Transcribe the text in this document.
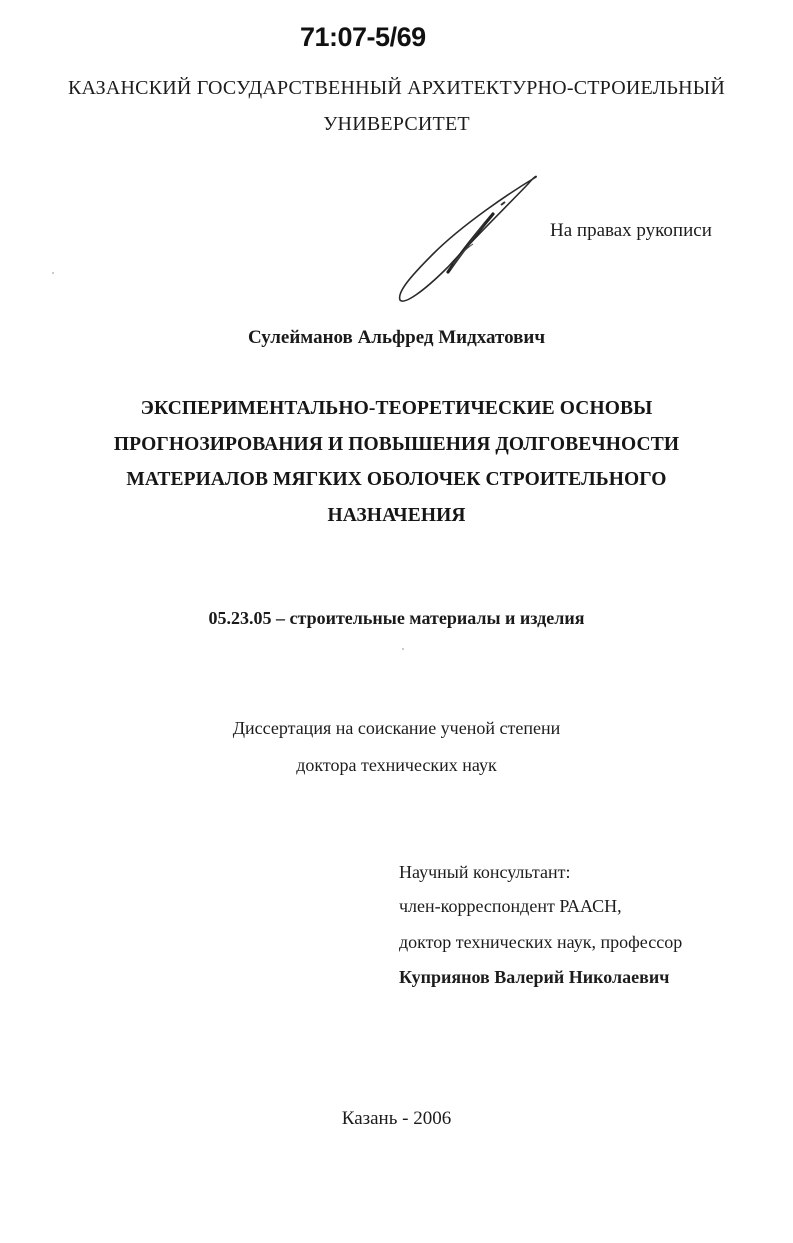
71:07-5/69
КАЗАНСКИЙ ГОСУДАРСТВЕННЫЙ АРХИТЕКТУРНО-СТРОИЕЛЬНЫЙ
УНИВЕРСИТЕТ
На правах рукописи
Сулейманов Альфред Мидхатович
ЭКСПЕРИМЕНТАЛЬНО-ТЕОРЕТИЧЕСКИЕ ОСНОВЫ
ПРОГНОЗИРОВАНИЯ И ПОВЫШЕНИЯ ДОЛГОВЕЧНОСТИ
МАТЕРИАЛОВ МЯГКИХ ОБОЛОЧЕК СТРОИТЕЛЬНОГО
НАЗНАЧЕНИЯ
05.23.05 – строительные материалы и изделия
Диссертация на соискание ученой степени
доктора технических наук
Научный консультант:
член-корреспондент РААСН,
доктор технических наук, профессор
Куприянов Валерий Николаевич
Казань - 2006
